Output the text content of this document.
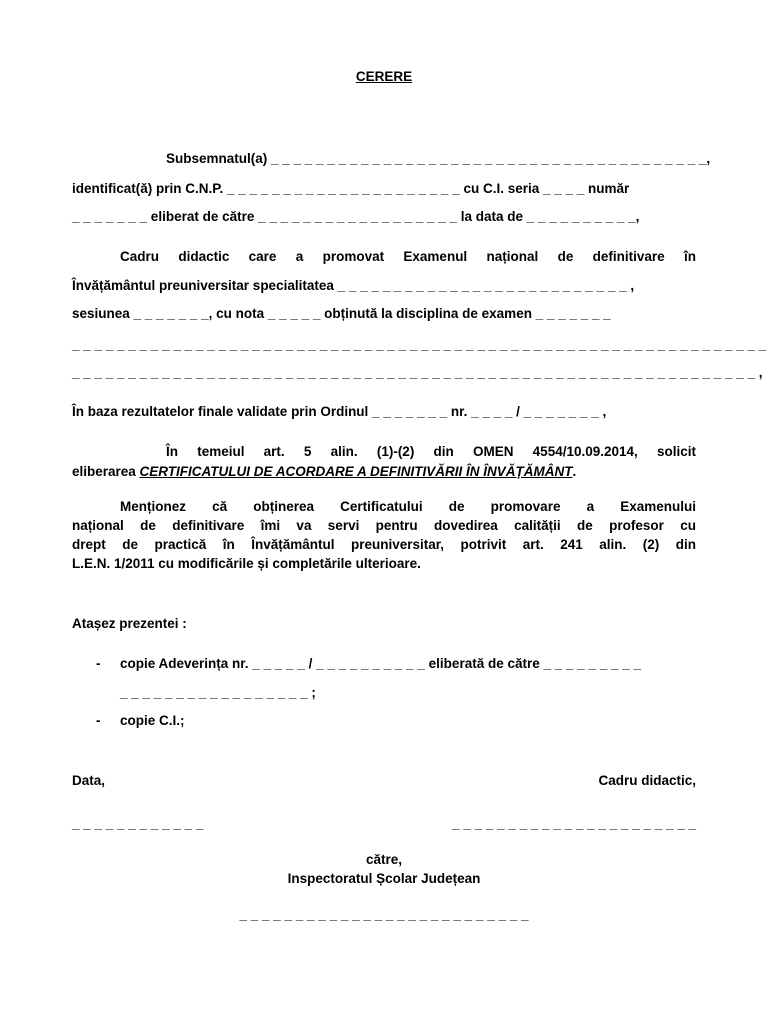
CERERE
Subsemnatul(a) _ _ _ _ _ _ _ _ _ _ _ _ _ _ _ _ _ _ _ _ _ _ _ _ _ _ _ _ _ _ _ _ _ _ _ _ _ _ _,
identificat(ă) prin C.N.P. _ _ _ _ _ _ _ _ _ _ _ _ _ _ _ _ _ _ _ _ _ cu C.I. seria _ _ _ _ număr
_ _ _ _ _ _ _ eliberat de către _ _ _ _ _ _ _ _ _ _ _ _ _ _ _ _ _ _ la data de _ _ _ _ _ _ _ _ _ _,
Cadru didactic care a promovat Examenul național de definitivare în
Învățământul preuniversitar specialitatea _ _ _ _ _ _ _ _ _ _ _ _ _ _ _ _ _ _ _ _ _ _ _ _ _ _ ,
sesiunea _ _ _ _ _ _ _, cu nota _ _ _ _ _ obținută la disciplina de examen _ _ _ _ _ _ _
_ _ _ _ _ _ _ _ _ _ _ _ _ _ _ _ _ _ _ _ _ _ _ _ _ _ _ _ _ _ _ _ _ _ _ _ _ _ _ _ _ _ _ _ _ _ _ _ _ _ _ _ _ _ _ _ _ _ _ _ _ _
_ _ _ _ _ _ _ _ _ _ _ _ _ _ _ _ _ _ _ _ _ _ _ _ _ _ _ _ _ _ _ _ _ _ _ _ _ _ _ _ _ _ _ _ _ _ _ _ _ _ _ _ _ _ _ _ _ _ _ _ _ ,
În baza rezultatelor finale validate prin Ordinul _ _ _ _ _ _ _ nr. _ _ _ _ / _ _ _ _ _ _ _ ,
În temeiul art. 5 alin. (1)-(2) din OMEN 4554/10.09.2014, solicit
eliberarea CERTIFICATULUI DE ACORDARE A DEFINITIVĂRII ÎN ÎNVĂȚĂMÂNT.
Menționez că obținerea Certificatului de promovare a Examenului
național de definitivare îmi va servi pentru dovedirea calității de profesor cu
drept de practică în Învățământul preuniversitar, potrivit art. 241 alin. (2) din
L.E.N. 1/2011 cu modificările și completările ulterioare.
Atașez prezentei :
- copie Adeverința nr. _ _ _ _ _ / _ _ _ _ _ _ _ _ _ _ eliberată de către _ _ _ _ _ _ _ _ _
_ _ _ _ _ _ _ _ _ _ _ _ _ _ _ _ _ ;
- copie C.I.;
Data,	Cadru didactic,
_ _ _ _ _ _ _ _ _ _ _ _	_ _ _ _ _ _ _ _ _ _ _ _ _ _ _ _ _ _ _ _ _ _
către,
Inspectoratul Școlar Județean
_ _ _ _ _ _ _ _ _ _ _ _ _ _ _ _ _ _ _ _ _ _ _ _ _ _
